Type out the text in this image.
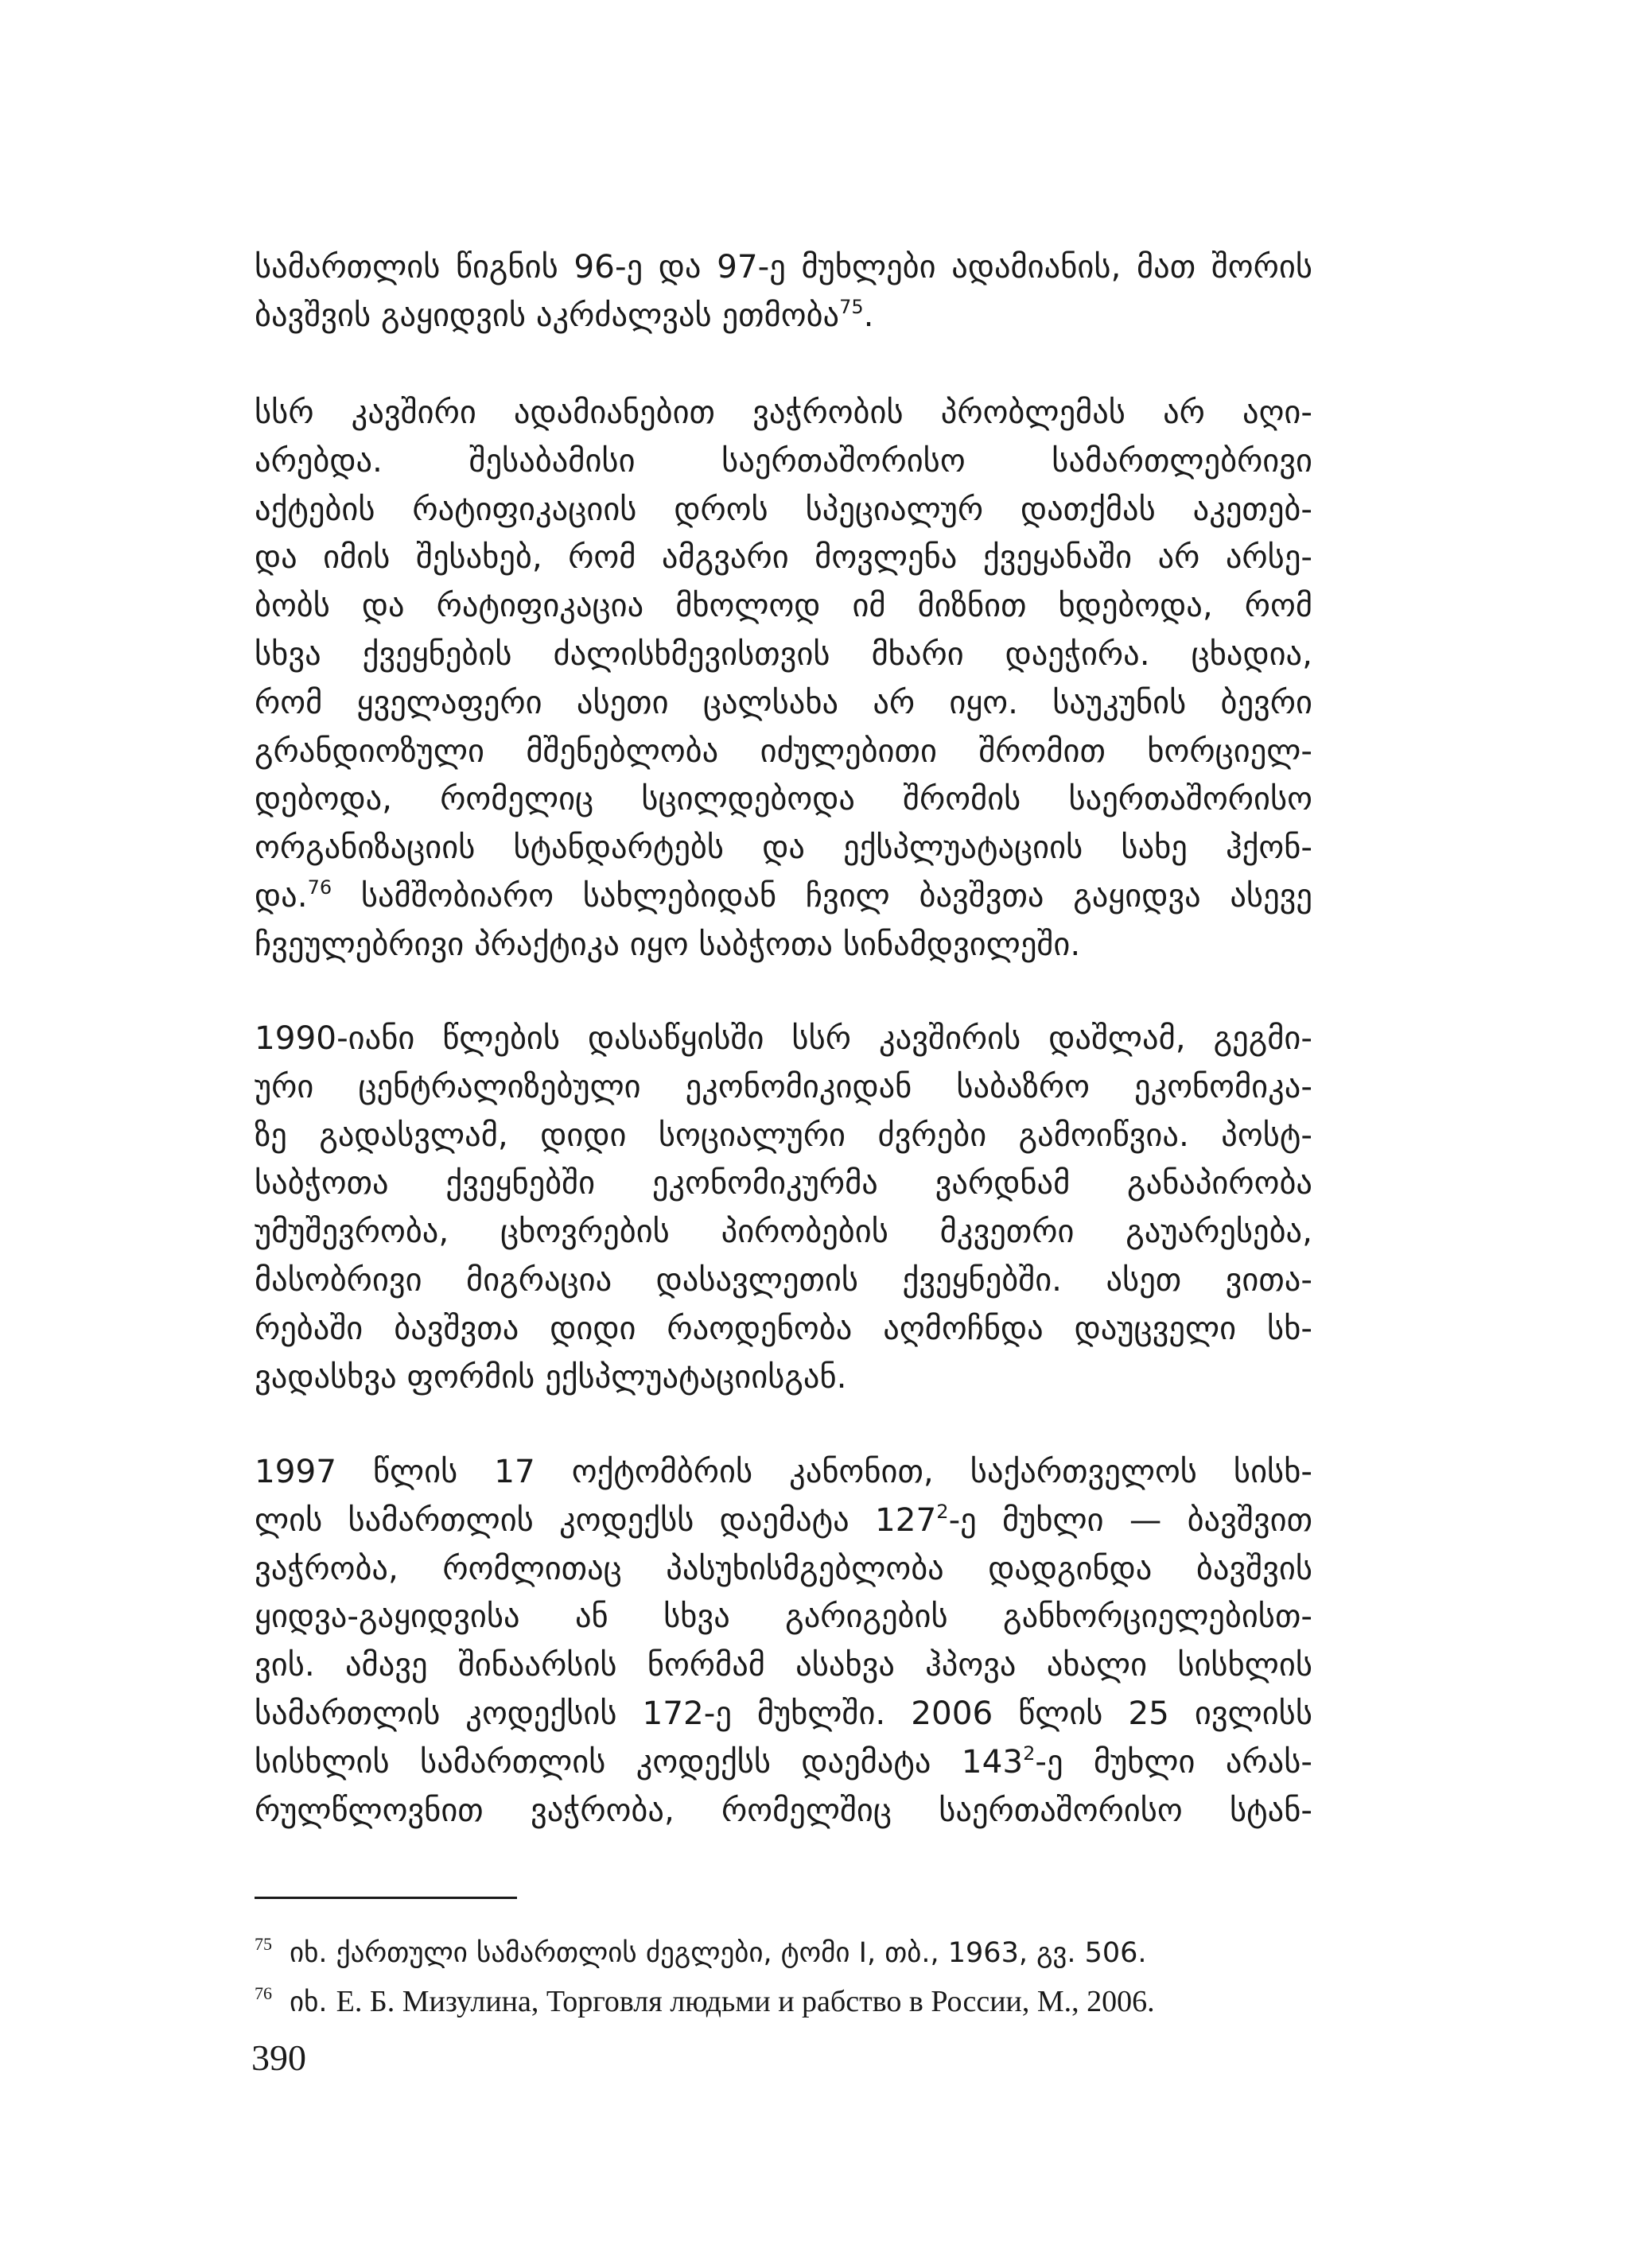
სამართლის წიგნის 96-ე და 97-ე მუხლები ადამიანის, მათ შორის
ბავშვის გაყიდვის აკრძალვას ეთმობა$^{75}$.
სსრ კავშირი ადამიანებით ვაჭრობის პრობლემას არ აღი-
არებდა. შესაბამისი საერთაშორისო სამართლებრივი
აქტების რატიფიკაციის დროს სპეციალურ დათქმას აკეთებ-
და იმის შესახებ, რომ ამგვარი მოვლენა ქვეყანაში არ არსე-
ბობს და რატიფიკაცია მხოლოდ იმ მიზნით ხდებოდა, რომ
სხვა ქვეყნების ძალისხმევისთვის მხარი დაეჭირა. ცხადია,
რომ ყველაფერი ასეთი ცალსახა არ იყო. საუკუნის ბევრი
გრანდიოზული მშენებლობა იძულებითი შრომით ხორციელ-
დებოდა, რომელიც სცილდებოდა შრომის საერთაშორისო
ორგანიზაციის სტანდარტებს და ექსპლუატაციის სახე ჰქონ-
და.$^{76}$ სამშობიარო სახლებიდან ჩვილ ბავშვთა გაყიდვა ასევე
ჩვეულებრივი პრაქტიკა იყო საბჭოთა სინამდვილეში.
1990-იანი წლების დასაწყისში სსრ კავშირის დაშლამ, გეგმი-
ური ცენტრალიზებული ეკონომიკიდან საბაზრო ეკონომიკა-
ზე გადასვლამ, დიდი სოციალური ძვრები გამოიწვია. პოსტ-
საბჭოთა ქვეყნებში ეკონომიკურმა ვარდნამ განაპირობა
უმუშევრობა, ცხოვრების პირობების მკვეთრი გაუარესება,
მასობრივი მიგრაცია დასავლეთის ქვეყნებში. ასეთ ვითა-
რებაში ბავშვთა დიდი რაოდენობა აღმოჩნდა დაუცველი სხ-
ვადასხვა ფორმის ექსპლუატაციისგან.
1997 წლის 17 ოქტომბრის კანონით, საქართველოს სისხ-
ლის სამართლის კოდექსს დაემატა $127^2-ე$ მუხლი — ბავშვით
ვაჭრობა, რომლითაც პასუხისმგებლობა დადგინდა ბავშვის
ყიდვა-გაყიდვისა ან სხვა გარიგების განხორციელებისთ-
ვის. ამავე შინაარსის ნორმამ ასახვა ჰპოვა ახალი სისხლის
სამართლის კოდექსის 172-ე მუხლში. 2006 წლის 25 ივლისს
სისხლის სამართლის კოდექსს დაემატა $143^2-ე$ მუხლი არას-
რულწლოვნით ვაჭრობა, რომელშიც საერთაშორისო სტან-
$^{75}$ იხ. ქართული სამართლის ძეგლები, ტომი I, თბ., 1963, გვ. 506.
$^{76}$ იხ. Е. Б. Мизулина, Торговля людьми и рабство в России, М., 2006.
390
